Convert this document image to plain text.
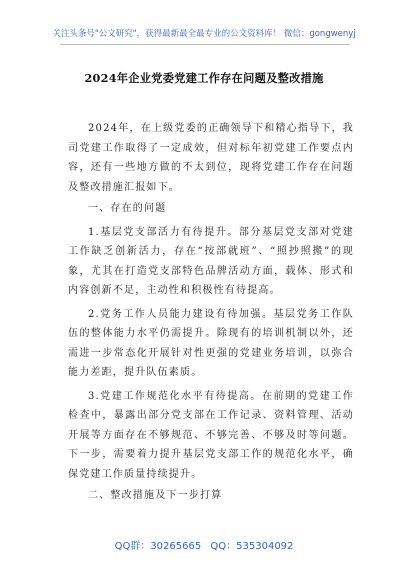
关注头条号"公文研究"，获得最新最全最专业的公文资料库！ 微信：gongwenyj
2024年企业党委党建工作存在问题及整改措施

2024年，在上级党委的正确领导下和精心指导下，我司党建工作取得了一定成效，但对标年初党建工作要点内容，还有一些地方做的不太到位，现将党建工作存在问题及整改措施汇报如下。

一、存在的问题

1.基层党支部活力有待提升。部分基层党支部对党建工作缺乏创新活力，存在“按部就班”、“照抄照搬”的现象，尤其在打造党支部特色品牌活动方面，载体、形式和内容创新不足，主动性和积极性有待提高。

2.党务工作人员能力建设有待加强。基层党务工作队伍的整体能力水平仍需提升。除现有的培训机制以外，还需进一步常态化开展针对性更强的党建业务培训，以弥合能力差距，提升队伍素质。

3.党建工作规范化水平有待提高。在前期的党建工作检查中，暴露出部分党支部在工作记录、资料管理、活动开展等方面存在不够规范、不够完善、不够及时等问题。下一步，需要着力提升基层党支部工作的规范化水平，确保党建工作质量持续提升。

二、整改措施及下一步打算

QQ群：30265665 QQ：535304092
